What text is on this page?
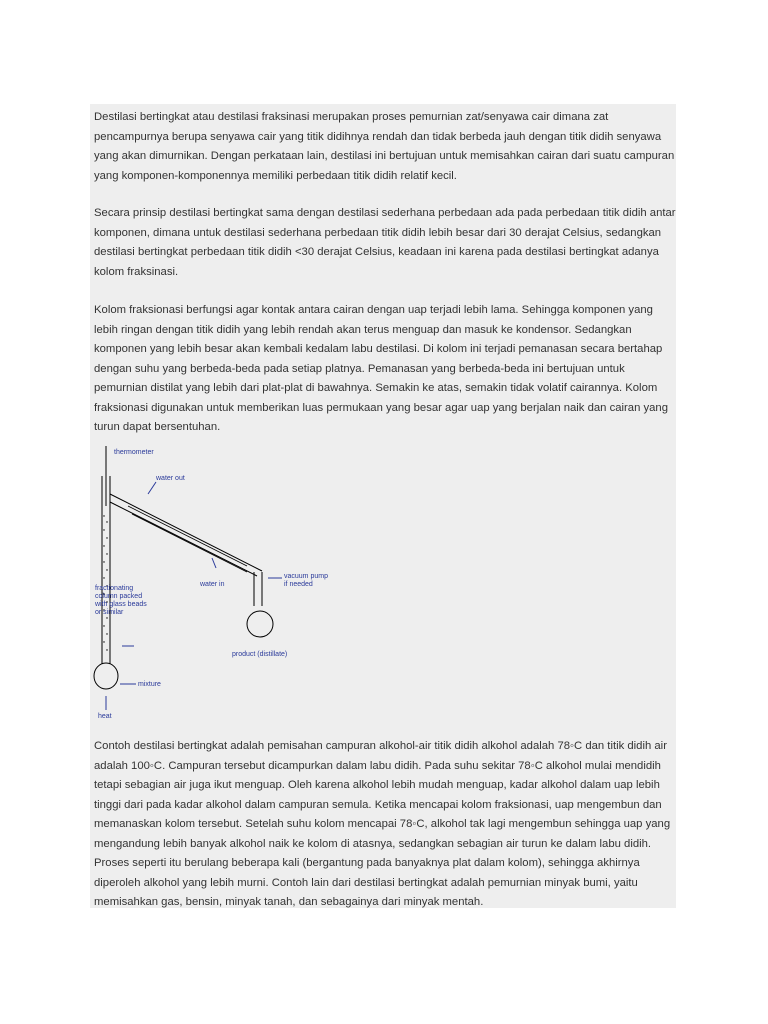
Destilasi bertingkat atau destilasi fraksinasi merupakan proses pemurnian zat/senyawa cair dimana zat pencampurnya berupa senyawa cair yang titik didihnya rendah dan tidak berbeda jauh dengan titik didih senyawa yang akan dimurnikan. Dengan perkataan lain, destilasi ini bertujuan untuk memisahkan cairan dari suatu campuran yang komponen-komponennya memiliki perbedaan titik didih relatif kecil.

Secara prinsip destilasi bertingkat sama dengan destilasi sederhana perbedaan ada pada perbedaan titik didih antar komponen, dimana untuk destilasi sederhana perbedaan titik didih lebih besar dari 30 derajat Celsius, sedangkan destilasi bertingkat perbedaan titik didih <30 derajat Celsius, keadaan ini karena pada destilasi bertingkat adanya kolom fraksinasi.

Kolom fraksionasi berfungsi agar kontak antara cairan dengan uap terjadi lebih lama. Sehingga komponen yang lebih ringan dengan titik didih yang lebih rendah akan terus menguap dan masuk ke kondensor. Sedangkan komponen yang lebih besar akan kembali kedalam labu destilasi. Di kolom ini terjadi pemanasan secara bertahap dengan suhu yang berbeda-beda pada setiap platnya. Pemanasan yang berbeda-beda ini bertujuan untuk pemurnian distilat yang lebih dari plat-plat di bawahnya. Semakin ke atas, semakin tidak volatif cairannya. Kolom fraksionasi digunakan untuk memberikan luas permukaan yang besar agar uap yang berjalan naik dan cairan yang turun dapat bersentuhan.

thermometer
water out
fractionating
column packed
with glass beads
or similar
water in
vacuum pump
if needed
product (distillate)
mixture
heat

Contoh destilasi bertingkat adalah pemisahan campuran alkohol-air titik didih alkohol adalah 78◦C dan titik didih air adalah 100◦C. Campuran tersebut dicampurkan dalam labu didih. Pada suhu sekitar 78◦C alkohol mulai mendidih tetapi sebagian air juga ikut menguap. Oleh karena alkohol lebih mudah menguap, kadar alkohol dalam uap lebih tinggi dari pada kadar alkohol dalam campuran semula. Ketika mencapai kolom fraksionasi, uap mengembun dan memanaskan kolom tersebut. Setelah suhu kolom mencapai 78◦C, alkohol tak lagi mengembun sehingga uap yang mengandung lebih banyak alkohol naik ke kolom di atasnya, sedangkan sebagian air turun ke dalam labu didih. Proses seperti itu berulang beberapa kali (bergantung pada banyaknya plat dalam kolom), sehingga akhirnya diperoleh alkohol yang lebih murni. Contoh lain dari destilasi bertingkat adalah pemurnian minyak bumi, yaitu memisahkan gas, bensin, minyak tanah, dan sebagainya dari minyak mentah.
